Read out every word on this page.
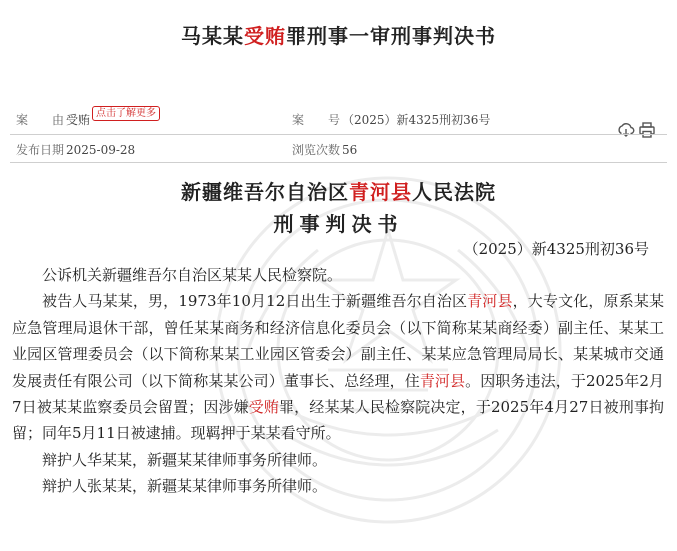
马某某受贿罪刑事一审刑事判决书
案　　由 受贿 点击了解更多	案　　号 （2025）新4325刑初36号
发布日期 2025-09-28	浏览次数 56
新疆维吾尔自治区青河县人民法院
刑事判决书
（2025）新4325刑初36号

公诉机关新疆维吾尔自治区某某人民检察院。

被告人马某某，男，1973年10月12日出生于新疆维吾尔自治区青河县，大专文化，原系某某应急管理局退休干部，曾任某某商务和经济信息化委员会（以下简称某某商经委）副主任、某某工业园区管理委员会（以下简称某某工业园区管委会）副主任、某某应急管理局局长、某某城市交通发展责任有限公司（以下简称某某公司）董事长、总经理，住青河县。因职务违法，于2025年2月7日被某某监察委员会留置；因涉嫌受贿罪，经某某人民检察院决定，于2025年4月27日被刑事拘留；同年5月11日被逮捕。现羁押于某某看守所。

辩护人华某某，新疆某某律师事务所律师。

辩护人张某某，新疆某某律师事务所律师。
